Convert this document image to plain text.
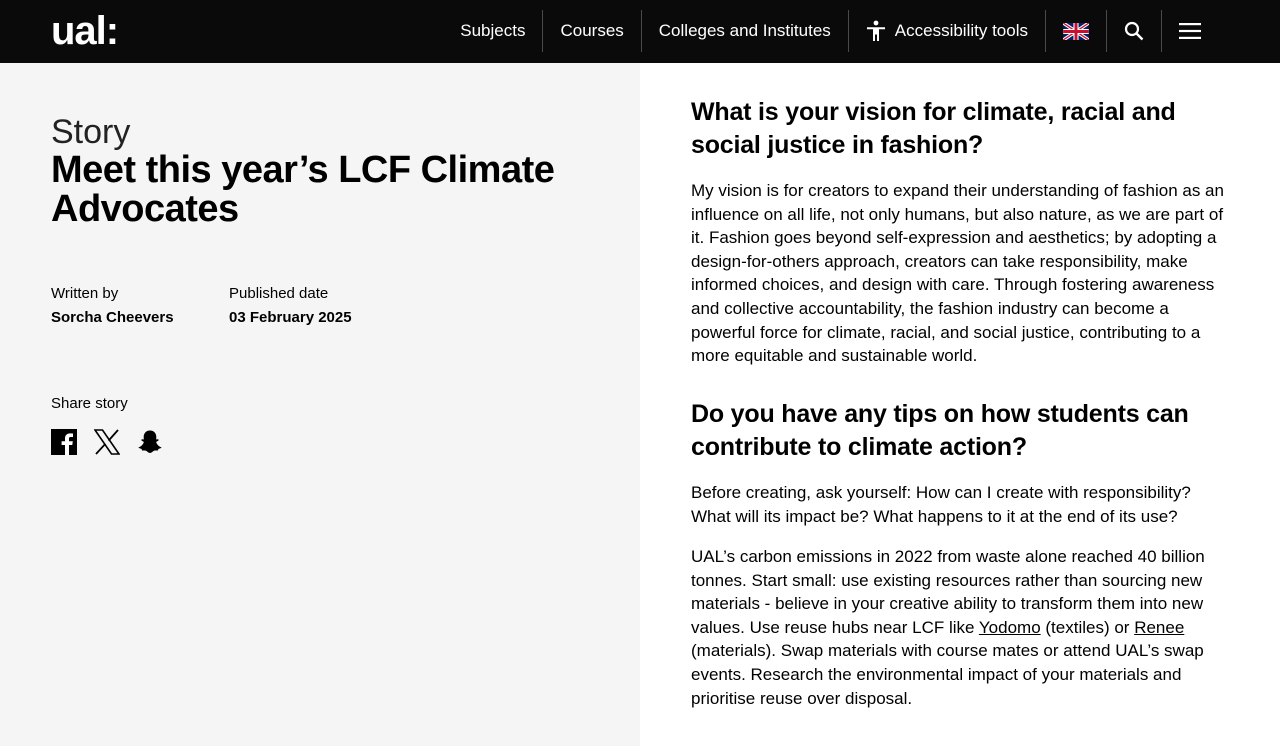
ual:	Subjects	Courses	Colleges and Institutes	Accessibility tools
Story
Meet this year’s LCF Climate Advocates
Written by
Sorcha Cheevers
Published date
03 February 2025
Share story
What is your vision for climate, racial and social justice in fashion?

My vision is for creators to expand their understanding of fashion as an influence on all life, not only humans, but also nature, as we are part of it. Fashion goes beyond self-expression and aesthetics; by adopting a design-for-others approach, creators can take responsibility, make informed choices, and design with care. Through fostering awareness and collective accountability, the fashion industry can become a powerful force for climate, racial, and social justice, contributing to a more equitable and sustainable world.

Do you have any tips on how students can contribute to climate action?

Before creating, ask yourself: How can I create with responsibility? What will its impact be? What happens to it at the end of its use?

UAL’s carbon emissions in 2022 from waste alone reached 40 billion tonnes. Start small: use existing resources rather than sourcing new materials - believe in your creative ability to transform them into new values. Use reuse hubs near LCF like Yodomo (textiles) or Renee (materials). Swap materials with course mates or attend UAL’s swap events. Research the environmental impact of your materials and prioritise reuse over disposal.
